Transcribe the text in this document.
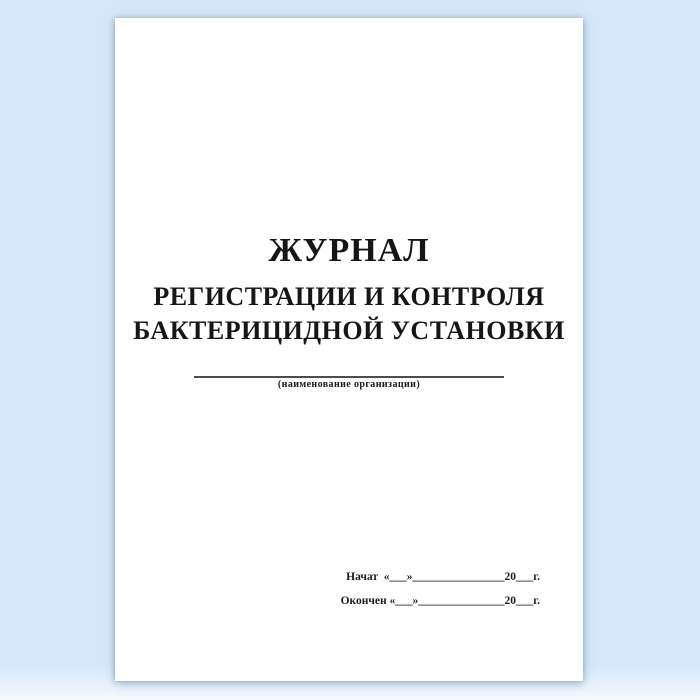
ЖУРНАЛ
РЕГИСТРАЦИИ И КОНТРОЛЯ
БАКТЕРИЦИДНОЙ УСТАНОВКИ
(наименование организации)
Начат  «___»________________20___г.
Окончен «___»_______________20___г.
